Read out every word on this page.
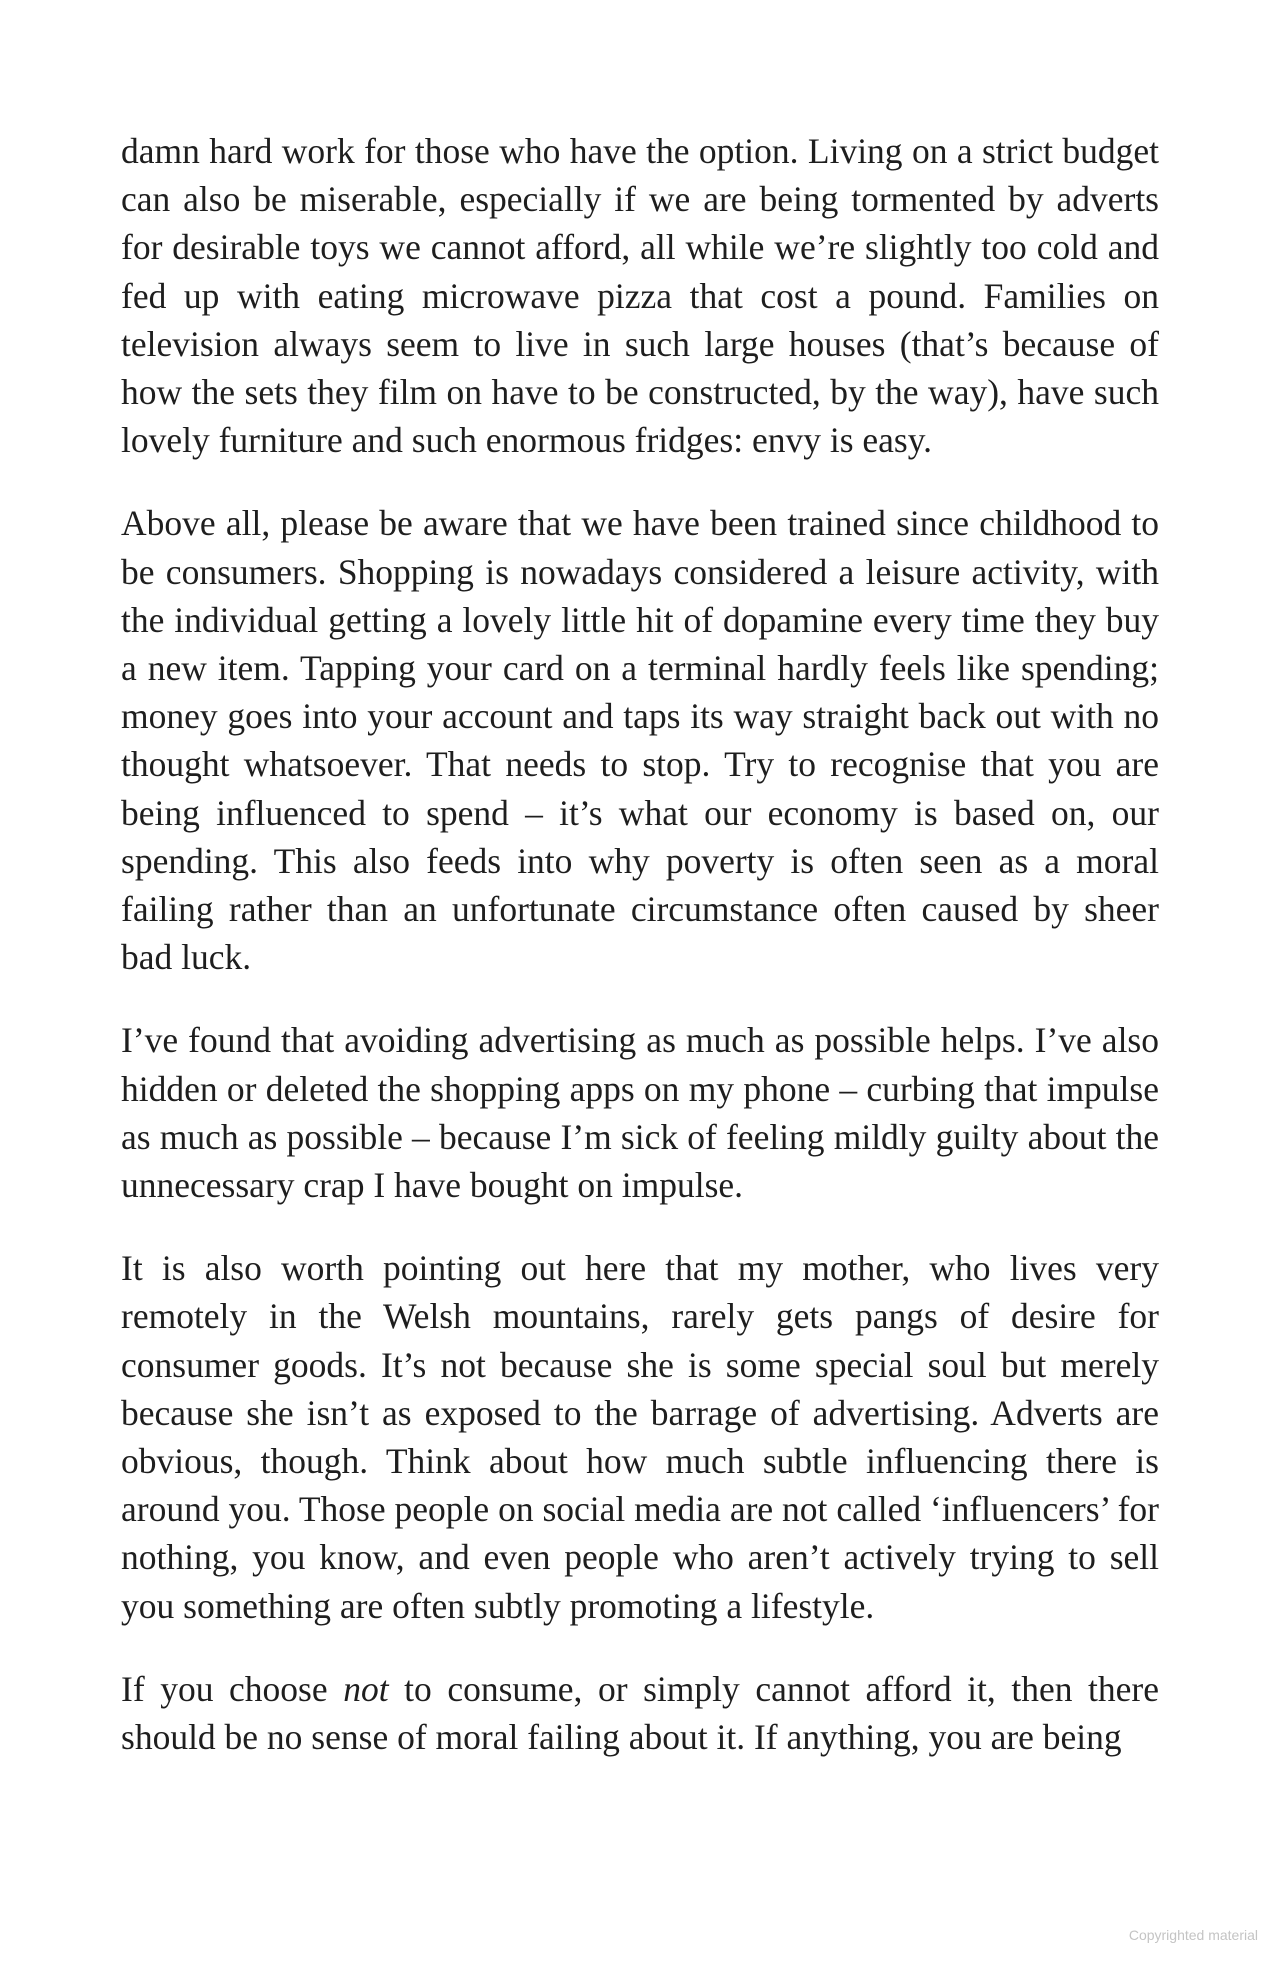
damn hard work for those who have the option. Living on a strict budget can also be miserable, especially if we are being tormented by adverts for desirable toys we cannot afford, all while we’re slightly too cold and fed up with eating microwave pizza that cost a pound. Families on television always seem to live in such large houses (that’s because of how the sets they film on have to be constructed, by the way), have such lovely furniture and such enormous fridges: envy is easy.

Above all, please be aware that we have been trained since childhood to be consumers. Shopping is nowadays considered a leisure activity, with the individual getting a lovely little hit of dopamine every time they buy a new item. Tapping your card on a terminal hardly feels like spending; money goes into your account and taps its way straight back out with no thought whatsoever. That needs to stop. Try to recognise that you are being influenced to spend – it’s what our economy is based on, our spending. This also feeds into why poverty is often seen as a moral failing rather than an unfortunate circumstance often caused by sheer bad luck.

I’ve found that avoiding advertising as much as possible helps. I’ve also hidden or deleted the shopping apps on my phone – curbing that impulse as much as possible – because I’m sick of feeling mildly guilty about the unnecessary crap I have bought on impulse.

It is also worth pointing out here that my mother, who lives very remotely in the Welsh mountains, rarely gets pangs of desire for consumer goods. It’s not because she is some special soul but merely because she isn’t as exposed to the barrage of advertising. Adverts are obvious, though. Think about how much subtle influencing there is around you. Those people on social media are not called ‘influencers’ for nothing, you know, and even people who aren’t actively trying to sell you something are often subtly promoting a lifestyle.

If you choose not to consume, or simply cannot afford it, then there should be no sense of moral failing about it. If anything, you are being

Copyrighted material
